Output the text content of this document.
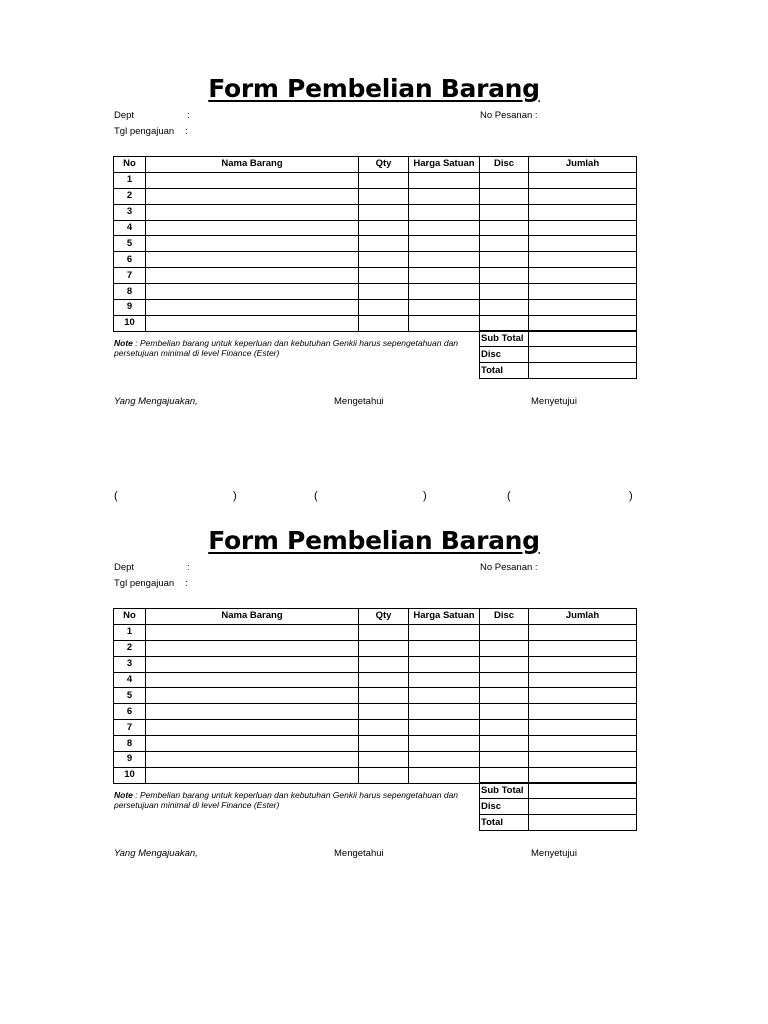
Form Pembelian Barang
Dept	:
Tgl pengajuan :
No Pesanan :
No	Nama Barang	Qty	Harga Satuan	Disc	Jumlah
1					
2					
3					
4					
5					
6					
7					
8					
9					
10					
Note : Pembelian barang untuk keperluan dan kebutuhan Genkii harus sepengetahuan dan persetujuan minimal di level Finance (Ester)
Sub Total	
Disc	
Total	
Yang Mengajuakan,	Mengetahui	Menyetujui
(	)	(	)	(	)
Form Pembelian Barang
Dept	:
Tgl pengajuan :
No Pesanan :
No	Nama Barang	Qty	Harga Satuan	Disc	Jumlah
1					
2					
3					
4					
5					
6					
7					
8					
9					
10					
Note : Pembelian barang untuk keperluan dan kebutuhan Genkii harus sepengetahuan dan persetujuan minimal di level Finance (Ester)
Sub Total	
Disc	
Total	
Yang Mengajuakan,	Mengetahui	Menyetujui
